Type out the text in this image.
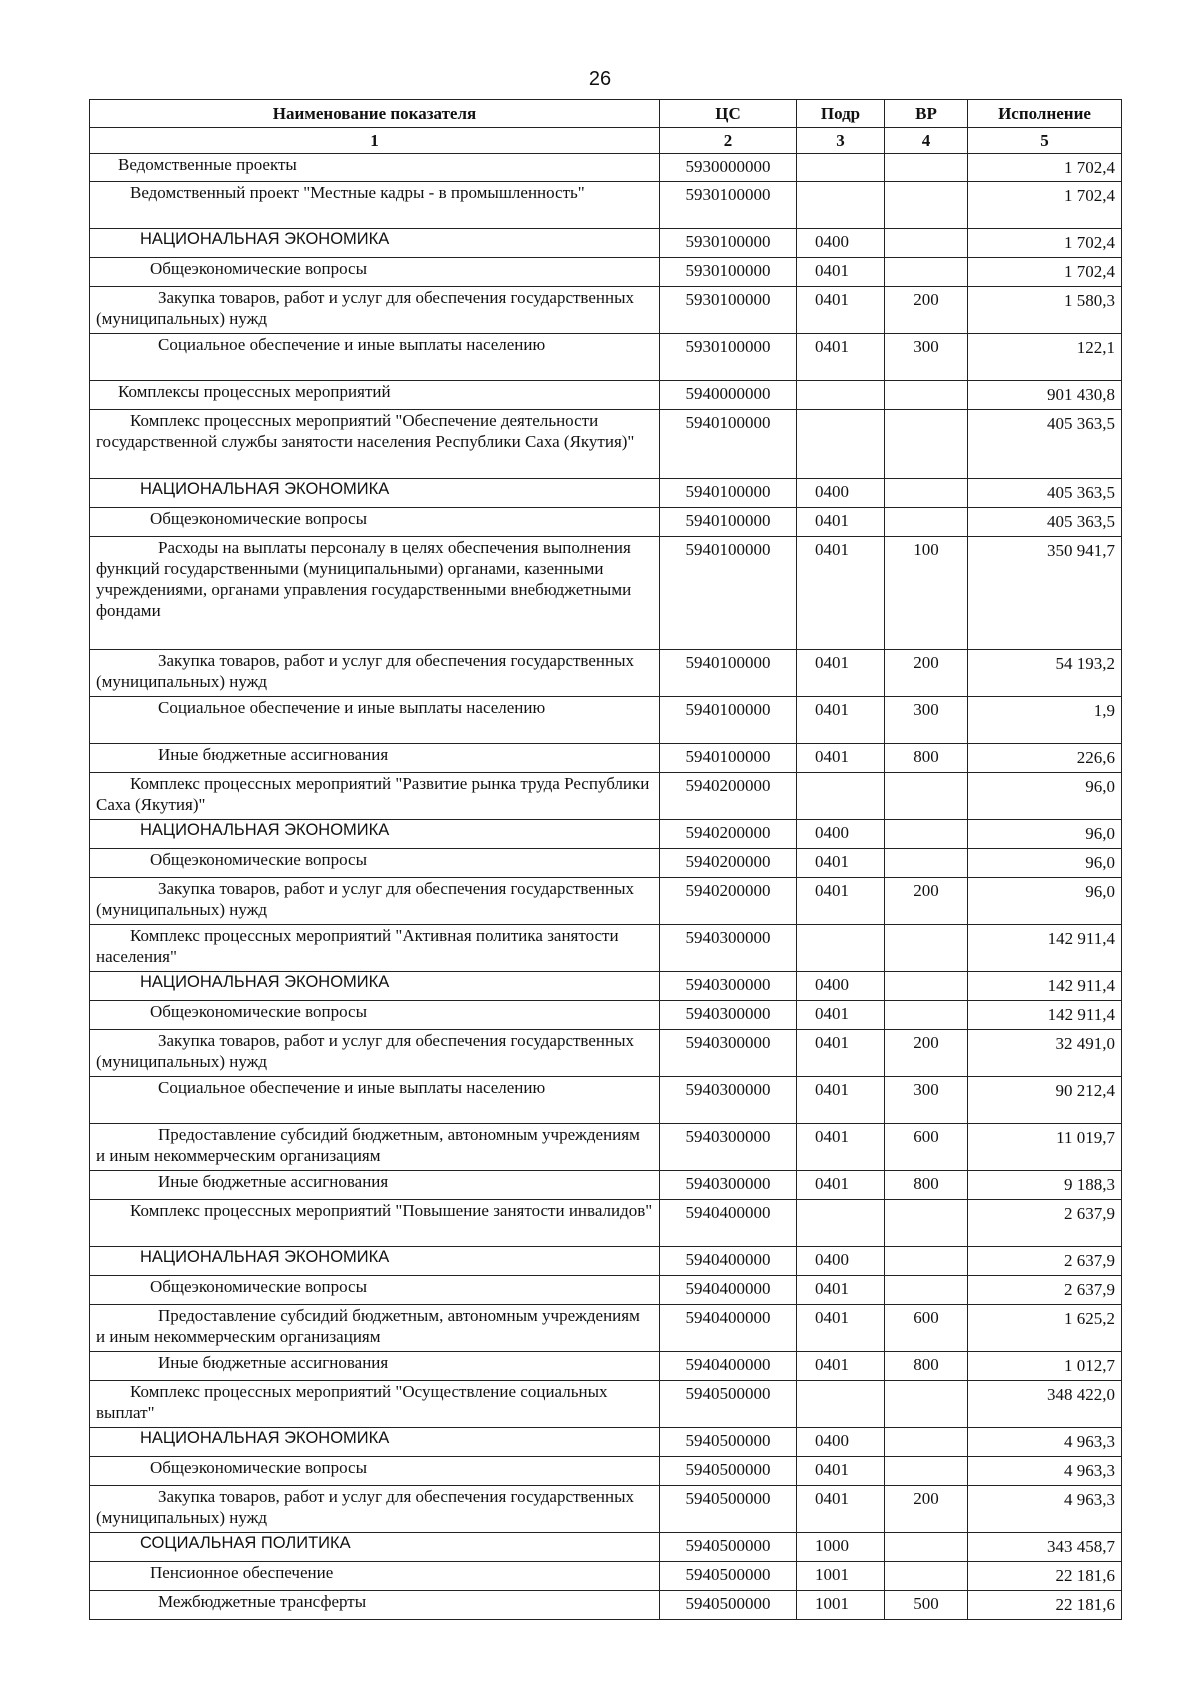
26
Наименование показателя	ЦС	Подр	ВР	Исполнение
1	2	3	4	5

Ведомственные проекты	5930000000			1 702,4

Ведомственный проект "Местные кадры - в промышленность"	5930100000			1 702,4

НАЦИОНАЛЬНАЯ ЭКОНОМИКА	5930100000	0400		1 702,4

Общеэкономические вопросы	5930100000	0401		1 702,4

Закупка товаров, работ и услуг для обеспечения государственных (муниципальных) нужд	5930100000	0401	200	1 580,3

Социальное обеспечение и иные выплаты населению	5930100000	0401	300	122,1

Комплексы процессных мероприятий	5940000000			901 430,8

Комплекс процессных мероприятий "Обеспечение деятельности государственной службы занятости населения Республики Саха (Якутия)"	5940100000			405 363,5

НАЦИОНАЛЬНАЯ ЭКОНОМИКА	5940100000	0400		405 363,5

Общеэкономические вопросы	5940100000	0401		405 363,5

Расходы на выплаты персоналу в целях обеспечения выполнения функций государственными (муниципальными) органами, казенными учреждениями, органами управления государственными внебюджетными фондами	5940100000	0401	100	350 941,7

Закупка товаров, работ и услуг для обеспечения государственных (муниципальных) нужд	5940100000	0401	200	54 193,2

Социальное обеспечение и иные выплаты населению	5940100000	0401	300	1,9

Иные бюджетные ассигнования	5940100000	0401	800	226,6

Комплекс процессных мероприятий "Развитие рынка труда Республики Саха (Якутия)"	5940200000			96,0

НАЦИОНАЛЬНАЯ ЭКОНОМИКА	5940200000	0400		96,0

Общеэкономические вопросы	5940200000	0401		96,0

Закупка товаров, работ и услуг для обеспечения государственных (муниципальных) нужд	5940200000	0401	200	96,0

Комплекс процессных мероприятий "Активная политика занятости населения"	5940300000			142 911,4

НАЦИОНАЛЬНАЯ ЭКОНОМИКА	5940300000	0400		142 911,4

Общеэкономические вопросы	5940300000	0401		142 911,4

Закупка товаров, работ и услуг для обеспечения государственных (муниципальных) нужд	5940300000	0401	200	32 491,0

Социальное обеспечение и иные выплаты населению	5940300000	0401	300	90 212,4

Предоставление субсидий бюджетным, автономным учреждениям и иным некоммерческим организациям	5940300000	0401	600	11 019,7

Иные бюджетные ассигнования	5940300000	0401	800	9 188,3

Комплекс процессных мероприятий "Повышение занятости инвалидов"	5940400000			2 637,9

НАЦИОНАЛЬНАЯ ЭКОНОМИКА	5940400000	0400		2 637,9

Общеэкономические вопросы	5940400000	0401		2 637,9

Предоставление субсидий бюджетным, автономным учреждениям и иным некоммерческим организациям	5940400000	0401	600	1 625,2

Иные бюджетные ассигнования	5940400000	0401	800	1 012,7

Комплекс процессных мероприятий "Осуществление социальных выплат"	5940500000			348 422,0

НАЦИОНАЛЬНАЯ ЭКОНОМИКА	5940500000	0400		4 963,3

Общеэкономические вопросы	5940500000	0401		4 963,3

Закупка товаров, работ и услуг для обеспечения государственных (муниципальных) нужд	5940500000	0401	200	4 963,3

СОЦИАЛЬНАЯ ПОЛИТИКА	5940500000	1000		343 458,7

Пенсионное обеспечение	5940500000	1001		22 181,6

Межбюджетные трансферты	5940500000	1001	500	22 181,6
